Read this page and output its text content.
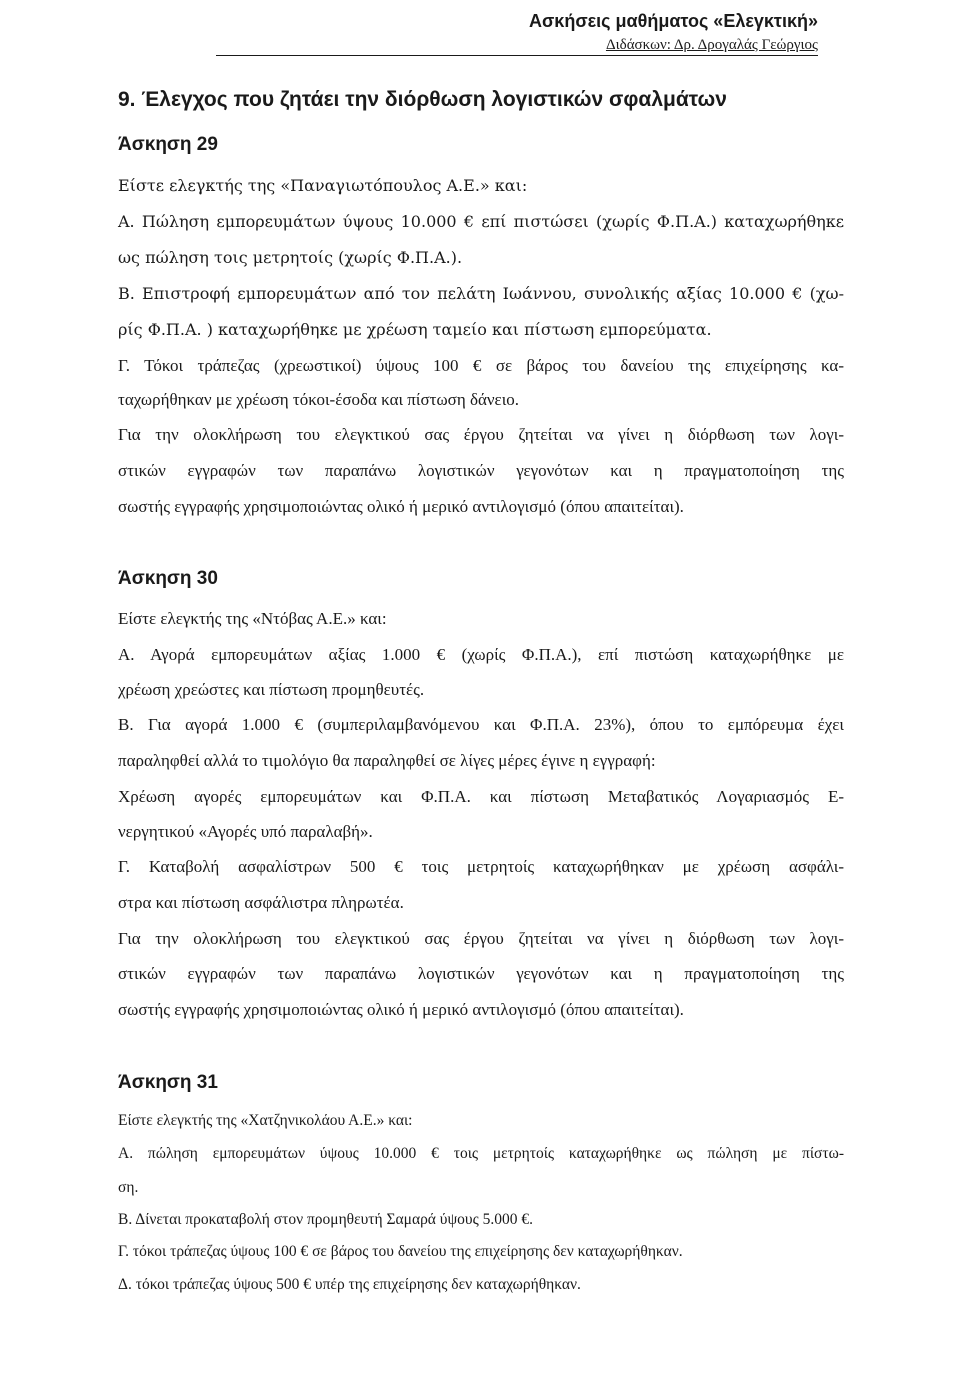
Ασκήσεις μαθήματος «Ελεγκτική»
Διδάσκων: Δρ. Δρογαλάς Γεώργιος
9. Έλεγχος που ζητάει την διόρθωση λογιστικών σφαλμάτων
Άσκηση 29
Είστε ελεγκτής της «Παναγιωτόπουλος Α.Ε.» και:
Α. Πώληση εμπορευμάτων ύψους 10.000 € επί πιστώσει (χωρίς Φ.Π.Α.) καταχωρήθηκε
ως πώληση τοις μετρητοίς (χωρίς Φ.Π.Α.).
Β. Επιστροφή εμπορευμάτων από τον πελάτη Ιωάννου, συνολικής αξίας 10.000 € (χω-
ρίς Φ.Π.Α. ) καταχωρήθηκε με χρέωση ταμείο και πίστωση εμπορεύματα.
Γ. Τόκοι τράπεζας (χρεωστικοί) ύψους 100 € σε βάρος του δανείου της επιχείρησης κα-
ταχωρήθηκαν με χρέωση τόκοι-έσοδα και πίστωση δάνειο.
Για την ολοκλήρωση του ελεγκτικού σας έργου ζητείται να γίνει η διόρθωση των λογι-
στικών εγγραφών των παραπάνω λογιστικών γεγονότων και η πραγματοποίηση της
σωστής εγγραφής χρησιμοποιώντας ολικό ή μερικό αντιλογισμό (όπου απαιτείται).
Άσκηση 30
Είστε ελεγκτής της «Ντόβας Α.Ε.» και:
Α. Αγορά εμπορευμάτων αξίας 1.000 € (χωρίς Φ.Π.Α.), επί πιστώση καταχωρήθηκε με
χρέωση χρεώστες και πίστωση προμηθευτές.
Β. Για αγορά 1.000 € (συμπεριλαμβανόμενου και Φ.Π.Α. 23%), όπου το εμπόρευμα έχει
παραληφθεί αλλά το τιμολόγιο θα παραληφθεί σε λίγες μέρες έγινε η εγγραφή:
Χρέωση αγορές εμπορευμάτων και Φ.Π.Α. και πίστωση Μεταβατικός Λογαριασμός Ε-
νεργητικού «Αγορές υπό παραλαβή».
Γ. Καταβολή ασφαλίστρων 500 € τοις μετρητοίς καταχωρήθηκαν με χρέωση ασφάλι-
στρα και πίστωση ασφάλιστρα πληρωτέα.
Για την ολοκλήρωση του ελεγκτικού σας έργου ζητείται να γίνει η διόρθωση των λογι-
στικών εγγραφών των παραπάνω λογιστικών γεγονότων και η πραγματοποίηση της
σωστής εγγραφής χρησιμοποιώντας ολικό ή μερικό αντιλογισμό (όπου απαιτείται).
Άσκηση 31
Είστε ελεγκτής της «Χατζηνικολάου Α.Ε.» και:
Α. πώληση εμπορευμάτων ύψους 10.000 € τοις μετρητοίς καταχωρήθηκε ως πώληση με πίστω-
ση.
Β. Δίνεται προκαταβολή στον προμηθευτή Σαμαρά ύψους 5.000 €.
Γ. τόκοι τράπεζας ύψους 100 € σε βάρος του δανείου της επιχείρησης δεν καταχωρήθηκαν.
Δ. τόκοι τράπεζας ύψους 500 € υπέρ της επιχείρησης δεν καταχωρήθηκαν.
